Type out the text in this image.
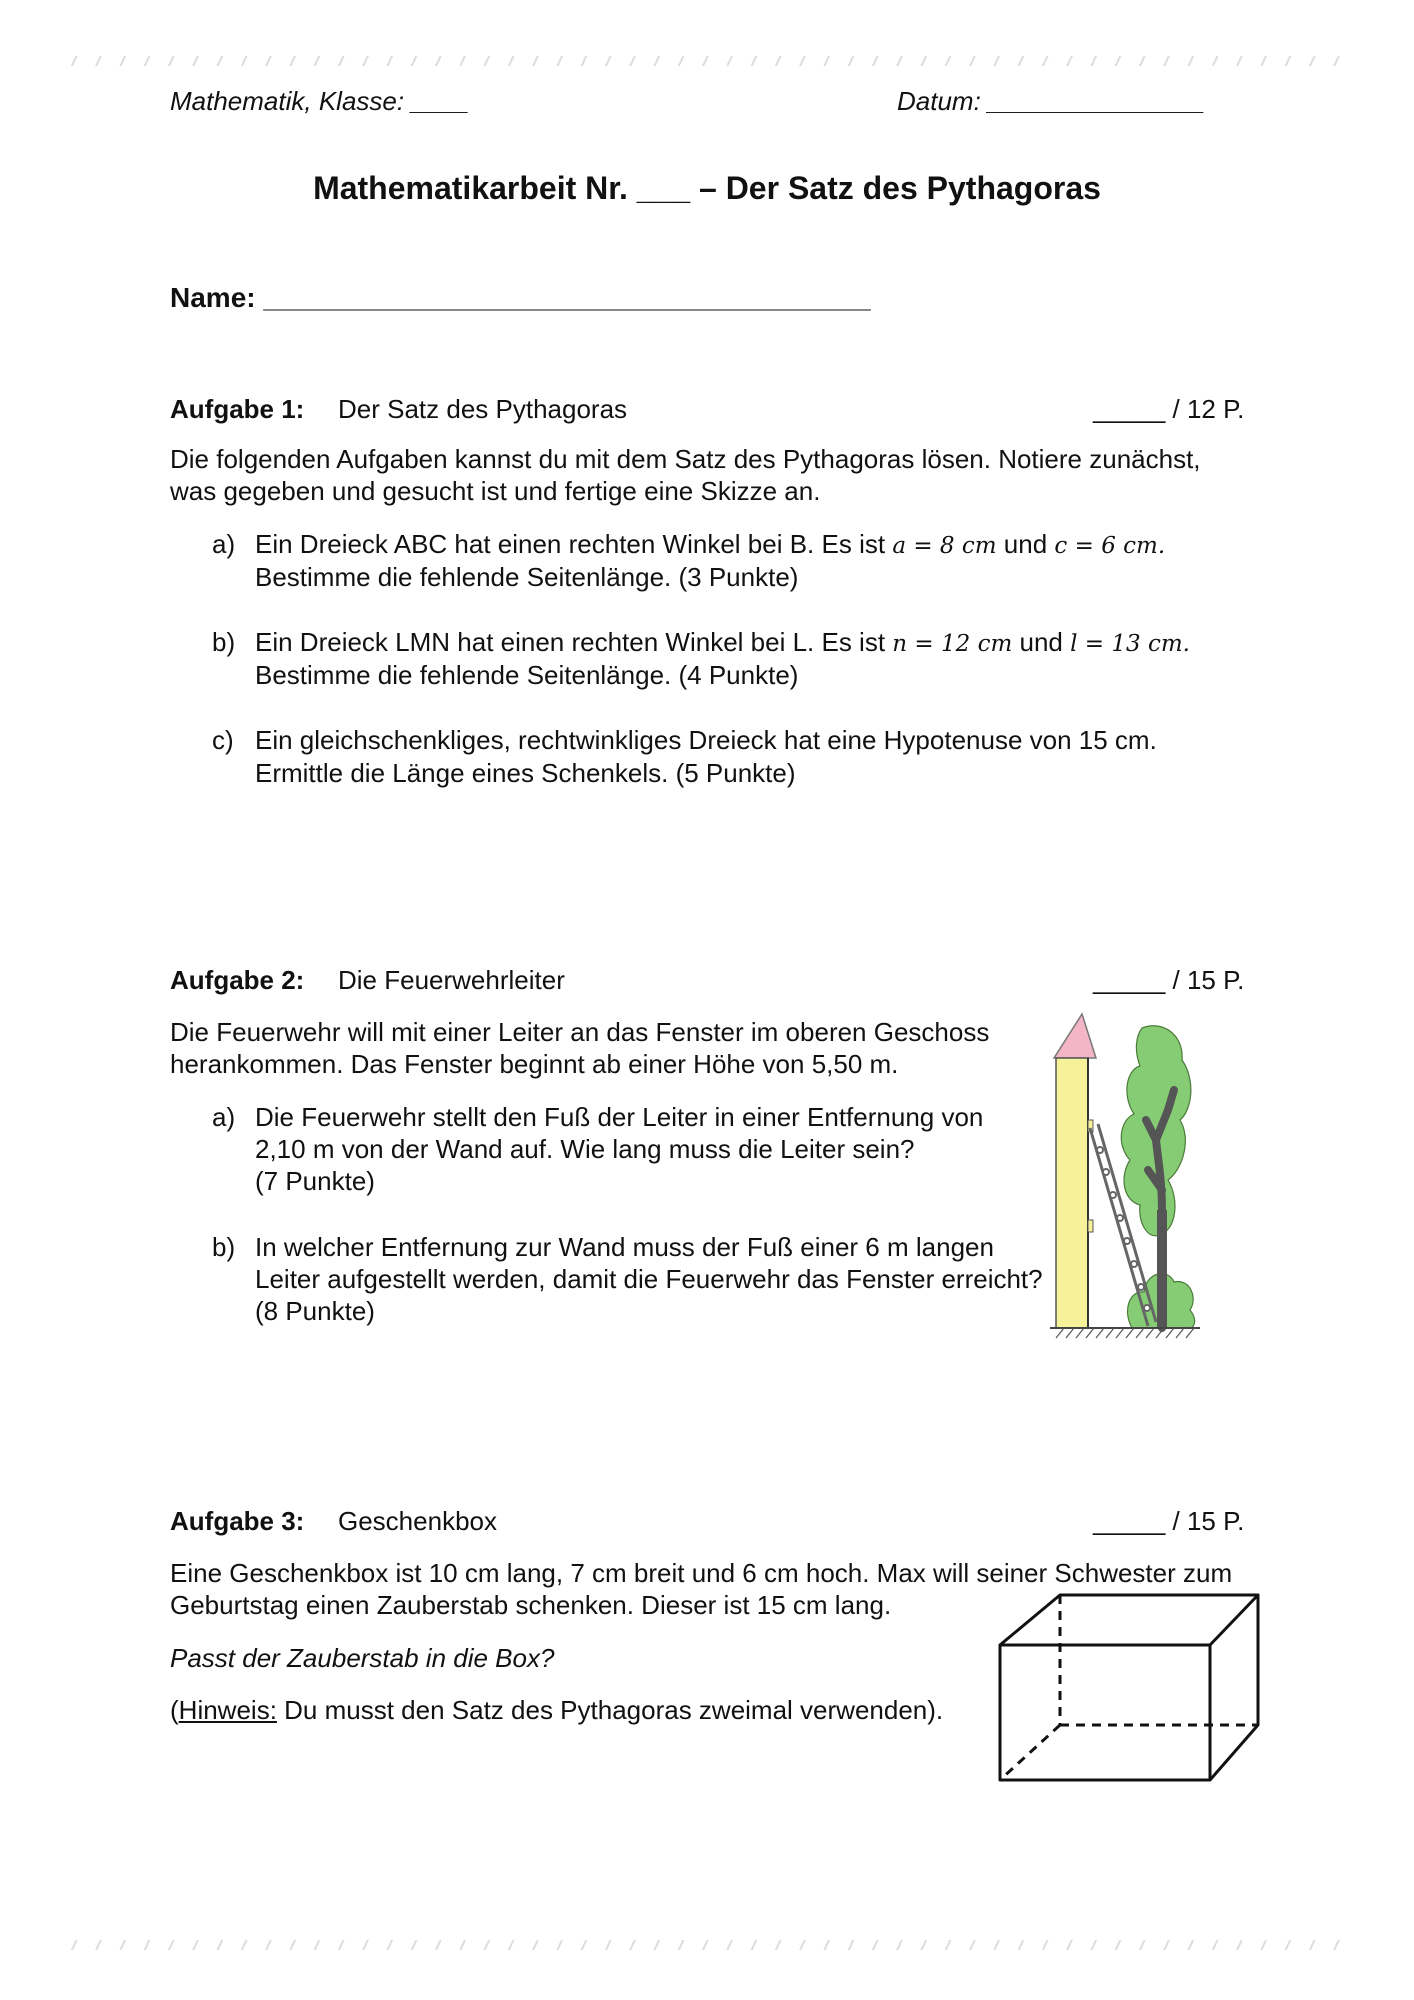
Mathematik, Klasse: ____	Datum: _______________
Mathematikarbeit Nr. ___ – Der Satz des Pythagoras
Name: _______________________________________
Aufgabe 1: Der Satz des Pythagoras	_____ / 12 P.
Die folgenden Aufgaben kannst du mit dem Satz des Pythagoras lösen. Notiere zunächst,
was gegeben und gesucht ist und fertige eine Skizze an.
a) Ein Dreieck ABC hat einen rechten Winkel bei B. Es ist a = 8 cm und c = 6 cm.
Bestimme die fehlende Seitenlänge. (3 Punkte)
b) Ein Dreieck LMN hat einen rechten Winkel bei L. Es ist n = 12 cm und l = 13 cm.
Bestimme die fehlende Seitenlänge. (4 Punkte)
c) Ein gleichschenkliges, rechtwinkliges Dreieck hat eine Hypotenuse von 15 cm.
Ermittle die Länge eines Schenkels. (5 Punkte)
Aufgabe 2: Die Feuerwehrleiter	_____ / 15 P.
Die Feuerwehr will mit einer Leiter an das Fenster im oberen Geschoss
herankommen. Das Fenster beginnt ab einer Höhe von 5,50 m.
a) Die Feuerwehr stellt den Fuß der Leiter in einer Entfernung von
2,10 m von der Wand auf. Wie lang muss die Leiter sein?
(7 Punkte)
b) In welcher Entfernung zur Wand muss der Fuß einer 6 m langen
Leiter aufgestellt werden, damit die Feuerwehr das Fenster erreicht?
(8 Punkte)
Aufgabe 3: Geschenkbox	_____ / 15 P.
Eine Geschenkbox ist 10 cm lang, 7 cm breit und 6 cm hoch. Max will seiner Schwester zum
Geburtstag einen Zauberstab schenken. Dieser ist 15 cm lang.
Passt der Zauberstab in die Box?
(Hinweis: Du musst den Satz des Pythagoras zweimal verwenden).
